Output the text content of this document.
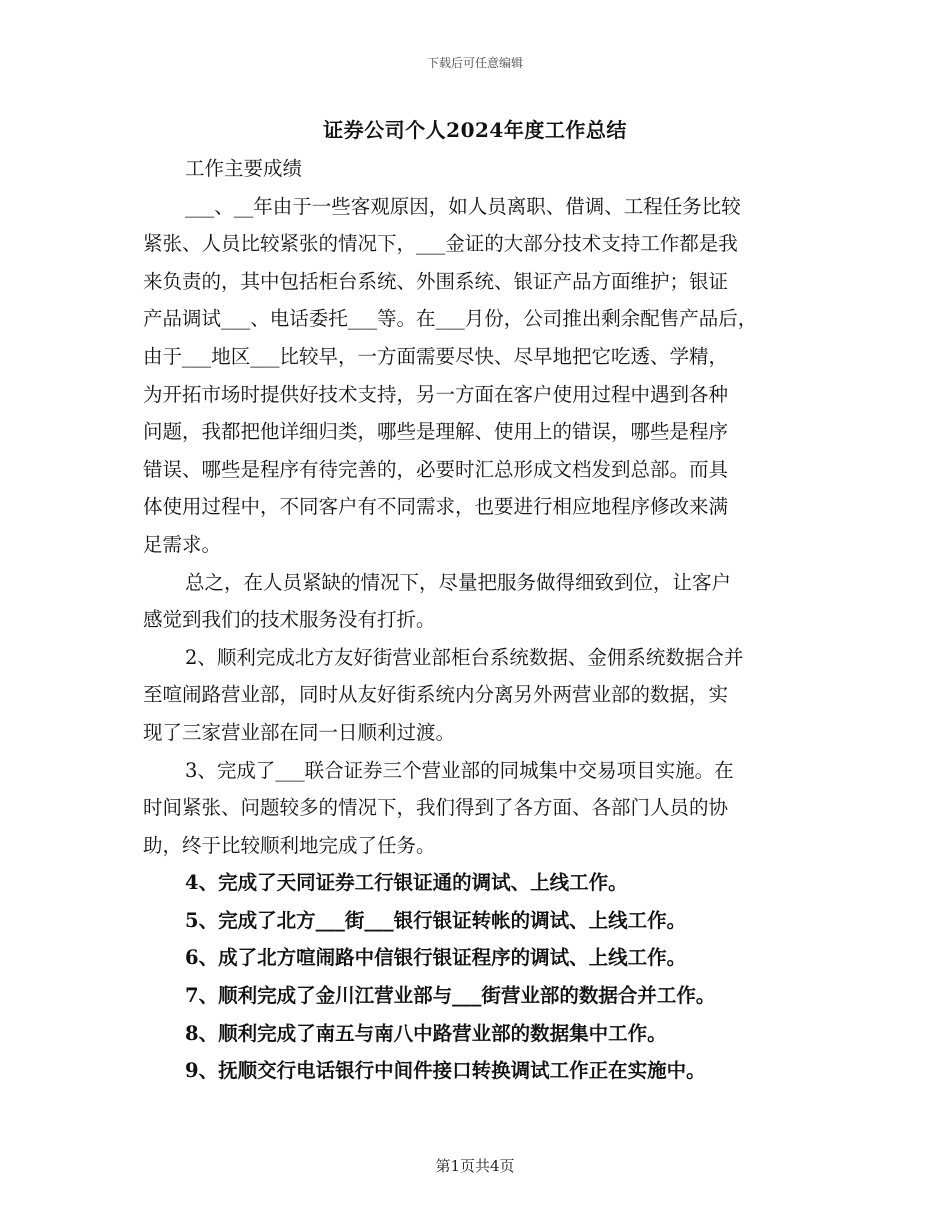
下载后可任意编辑
证券公司个人2024年度工作总结
工作主要成绩
___、__年由于一些客观原因，如人员离职、借调、工程任务比较
紧张、人员比较紧张的情况下，___金证的大部分技术支持工作都是我
来负责的，其中包括柜台系统、外围系统、银证产品方面维护；银证
产品调试___、电话委托___等。在___月份，公司推出剩余配售产品后，
由于___地区___比较早，一方面需要尽快、尽早地把它吃透、学精，
为开拓市场时提供好技术支持，另一方面在客户使用过程中遇到各种
问题，我都把他详细归类，哪些是理解、使用上的错误，哪些是程序
错误、哪些是程序有待完善的，必要时汇总形成文档发到总部。而具
体使用过程中，不同客户有不同需求，也要进行相应地程序修改来满
足需求。
总之，在人员紧缺的情况下，尽量把服务做得细致到位，让客户
感觉到我们的技术服务没有打折。
2、顺利完成北方友好街营业部柜台系统数据、金佣系统数据合并
至喧闹路营业部，同时从友好街系统内分离另外两营业部的数据，实
现了三家营业部在同一日顺利过渡。
3、完成了___联合证券三个营业部的同城集中交易项目实施。在
时间紧张、问题较多的情况下，我们得到了各方面、各部门人员的协
助，终于比较顺利地完成了任务。
4、完成了天同证券工行银证通的调试、上线工作。
5、完成了北方___街___银行银证转帐的调试、上线工作。
6、成了北方喧闹路中信银行银证程序的调试、上线工作。
7、顺利完成了金川江营业部与___街营业部的数据合并工作。
8、顺利完成了南五与南八中路营业部的数据集中工作。
9、抚顺交行电话银行中间件接口转换调试工作正在实施中。
第1页共4页
